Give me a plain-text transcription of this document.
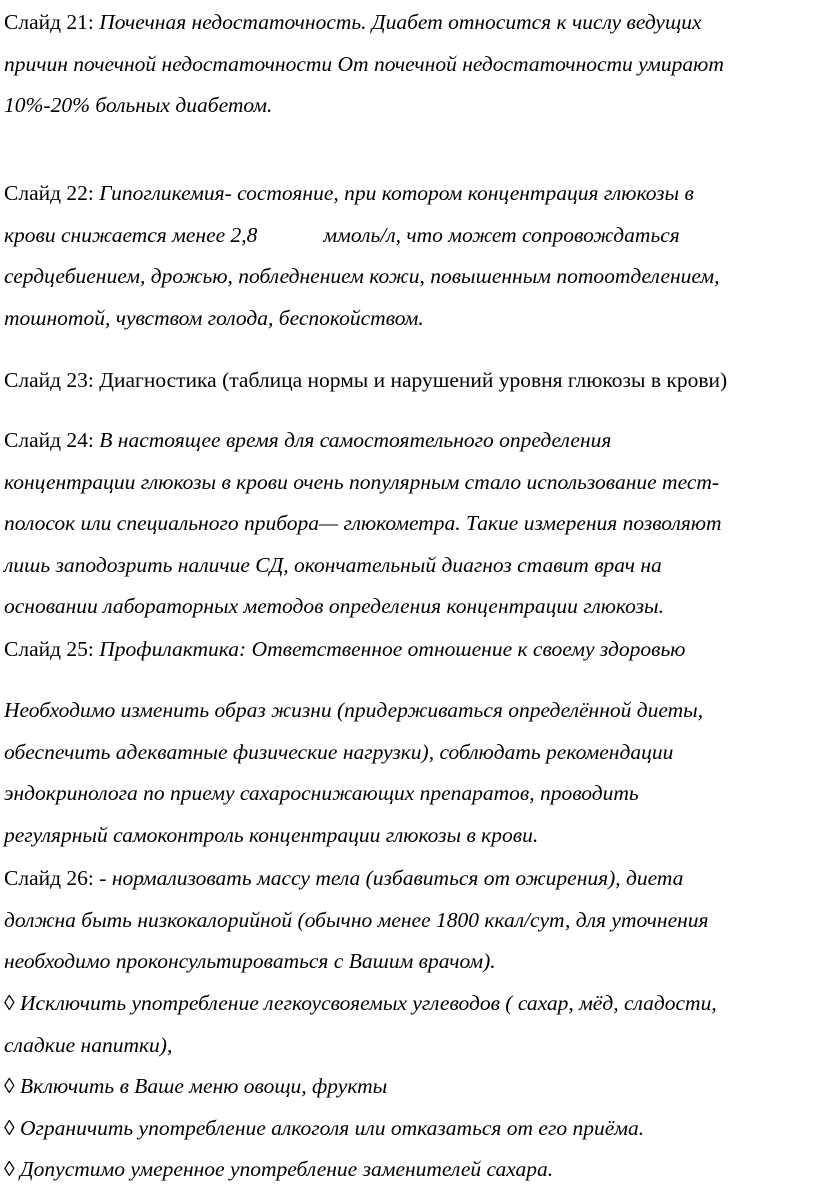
Слайд 21: Почечная недостаточность. Диабет относится к числу ведущих
причин почечной недостаточности От почечной недостаточности умирают
10%-20% больных диабетом.
Слайд 22: Гипогликемия- состояние, при котором концентрация глюкозы в
крови снижается менее 2,8	ммоль/л, что может сопровождаться
сердцебиением, дрожью, побледнением кожи, повышенным потоотделением,
тошнотой, чувством голода, беспокойством.
Слайд 23: Диагностика (таблица нормы и нарушений уровня глюкозы в крови)
Слайд 24: В настоящее время для самостоятельного определения
концентрации глюкозы в крови очень популярным стало использование тест-
полосок или специального прибора— глюкометра. Такие измерения позволяют
лишь заподозрить наличие СД, окончательный диагноз ставит врач на
основании лабораторных методов определения концентрации глюкозы.
Слайд 25: Профилактика: Ответственное отношение к своему здоровью
Необходимо изменить образ жизни (придерживаться определённой диеты,
обеспечить адекватные физические нагрузки), соблюдать рекомендации
эндокринолога по приему сахароснижающих препаратов, проводить
регулярный самоконтроль концентрации глюкозы в крови.
Слайд 26: - нормализовать массу тела (избавиться от ожирения), диета
должна быть низкокалорийной (обычно менее 1800 ккал/сут, для уточнения
необходимо проконсультироваться с Вашим врачом).
◊ Исключить употребление легкоусвояемых углеводов ( сахар, мёд, сладости,
сладкие напитки),
◊ Включить в Ваше меню овощи, фрукты
◊ Ограничить употребление алкоголя или отказаться от его приёма.
◊ Допустимо умеренное употребление заменителей сахара.
